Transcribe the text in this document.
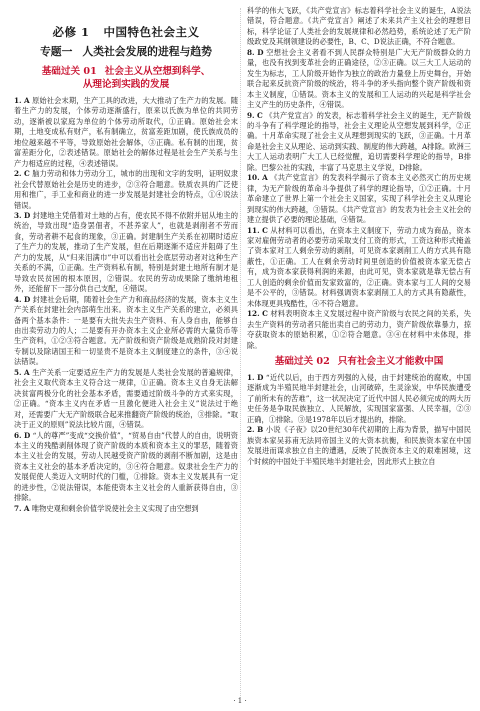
必修 1 中国特色社会主义
专题一 人类社会发展的进程与趋势
基础过关 01 社会主义从空想到科学、
从理论到实践的发展

1. A 原始社会末期，生产工具的改进，大大推动了生产力的发展。随着生产力的发展，个体劳动逐渐盛行，原来以氏族为单位的共同劳动，逐渐被以家庭为单位的个体劳动所取代，①正确。原始社会末期，土地变成私有财产，私有制确立，贫富差距加剧，使氏族成员的地位越来越不平等，导致原始社会解体，③正确。私有制的出现，贫富差距分化，②表述错误。原始社会的解体过程是社会生产关系与生产力相适应的过程，④表述错误。

2. C 脑力劳动和体力劳动分工，城市的出现和文字的发明，证明奴隶社会代替原始社会是历史的进步，②③符合题意。铁质农具的广泛使用和推广，手工业和商业的进一步发展是封建社会的特点，①④说法错误。

3. D 封建地主凭借着对土地的占有，使农民不得不依附并屈从地主的统治，导致出现“造身罢佃者，不甚养家人”，也就是剥削者不劳而食，劳动者耕不起食的现象，③正确。封建制生产关系在初期时适应了生产力的发展，推动了生产发展，但在后期逐渐不适应并阻碍了生产力的发展，从“归来泪满巾”中可以看出社会底层劳动者对这种生产关系的不满，①正确。生产资料私有制，特别是封建土地所有制才是导致农民贫困的根本原因，②错误。农民的劳动成果除了缴纳地租外，还能留下一部分供自己支配，④错误。

4. D 封建社会后期，随着社会生产力和商品经济的发展，资本主义生产关系在封建社会内部萌生出来。资本主义生产关系的建立，必须具备两个基本条件：一是要有大批失去生产资料、有人身自由，能够自由出卖劳动力的人；二是要有开办资本主义企业所必需的大量货币等生产资料，①②③符合题意。无产阶级和资产阶级是成熟阶段对封建专制以及除诸国王和一切显贵不是资本主义制度建立的条件，③④说法错误。

5. A 生产关系一定要适应生产力的发展是人类社会发展的普遍规律，社会主义取代资本主义符合这一规律，①正确。资本主义自身无法解决贫富两极分化的社会基本矛盾，需要通过阶级斗争的方式来实现，②正确。“资本主义内在矛盾一旦激化便进入社会主义”说法过于绝对，还需要广大无产阶级联合起来推翻资产阶级的统治，③排除。“取决于正义的原则”说法比较片面，④错误。

6. D “人的尊严”变成“交换价值”，“贸易自由”代替人的自由，说明资本主义的残酷剥削体现了资产阶级的本质和资本主义的罪恶，随着资本主义社会的发展，劳动人民越受资产阶级的剥削不断加剧，这是由资本主义社会的基本矛盾决定的，③④符合题意。奴隶社会生产力的发展促使人类迈入文明时代的门槛，①排除。资本主义发展具有一定的进步性，②说法错误，本能使资本主义社会的人重新获得自由，③排除。

7. A 唯物史观和剩余价值学说使社会主义实现了由空想到

科学的伟大飞跃，《共产党宣言》标志着科学社会主义的诞生，A说法错误，符合题意。《共产党宣言》阐述了未来共产主义社会的理想目标，科学论证了人类社会的发展规律和必然趋势，系统论述了无产阶级政党及其纲领建设的必要性，B、C、D说法正确，不符合题意。

8. D 空想社会主义者看不到人民群众特别是广大无产阶级群众的力量，也没有找到变革社会的正确途径，②③正确。以三大工人运动的发生为标志，工人阶级开始作为独立的政治力量登上历史舞台，开始联合起来反抗资产阶级的统治，将斗争的矛头指向整个资产阶级和资本主义制度，①错误。资本主义的发展和工人运动的兴起是科学社会主义产生的历史条件，④错误。

9. C 《共产党宣言》的发表，标志着科学社会主义的诞生，无产阶级的斗争有了科学理论的指导，社会主义理论从空想发展到科学，②正确。十月革命实现了社会主义从理想到现实的飞跃，③正确。十月革命是社会主义从理论、运动到实践、制度的伟大跨越，A排除。欧洲三大工人运动表明广大工人已经觉醒，追切需要科学理论的指导，B排除。巴黎公社的实践，丰富了马克思主义学说，D排除。

10. A 《共产党宣言》的发表科学揭示了资本主义必然灭亡的历史规律，为无产阶级的革命斗争提供了科学的理论指导，①②正确。十月革命建立了世界上第一个社会主义国家，实现了科学社会主义从理论到现实的伟大跨越，③错误。《共产党宣言》的发表为社会主义社会的建立提供了必要的理论基础，④错误。

11. C 从材料可以看出，在资本主义制度下，劳动力成为商品，资本家对雇佣劳动者的必要劳动采取支付工资的形式，工资这种形式掩盖了资本家对工人剩余劳动的剥削，可见资本家剥削工人的方式具有隐蔽性，①正确。工人在剩余劳动时间里创造的价值被资本家无偿占有，成为资本家获得利润的来源，由此可见，资本家就是靠无偿占有工人创造的剩余价值而发家致富的，②正确。资本家与工人间的交易是不公平的，③错误。材料强调资本家剥削工人的方式具有隐蔽性，未体现更具残酷性，④不符合题意。

12. C 材料表明资本主义发展过程中资产阶级与农民之间的关系，失去生产资料的劳动者只能出卖自己的劳动力，资产阶级依靠暴力，掠夺获取资本的原始积累，①②符合题意。③④在材料中未体现，排除。

基础过关 02 只有社会主义才能救中国

1. D “近代以后，由于西方列强的入侵，由于封建统治的腐败，中国逐渐成为半殖民地半封建社会，山河破碎，生灵涂炭，中华民族遭受了前所未有的苦难”，这一状况决定了近代中国人民必须完成的两大历史任务是争取民族独立、人民解放，实现国家富强、人民幸福，②③正确，①排除。③是1978年以后才提出的，排除。

2. B 小说《子夜》以20世纪30年代初期的上海为背景，描写中国民族资本家吴荪甫无法同帝国主义的大资本抗衡，和民族资本家在中国发展进而谋求独立自主的遭遇，反映了民族资本主义的艰难困境，这个时候的中国处于半殖民地半封建社会，因此形式上独立自

· 1 ·
